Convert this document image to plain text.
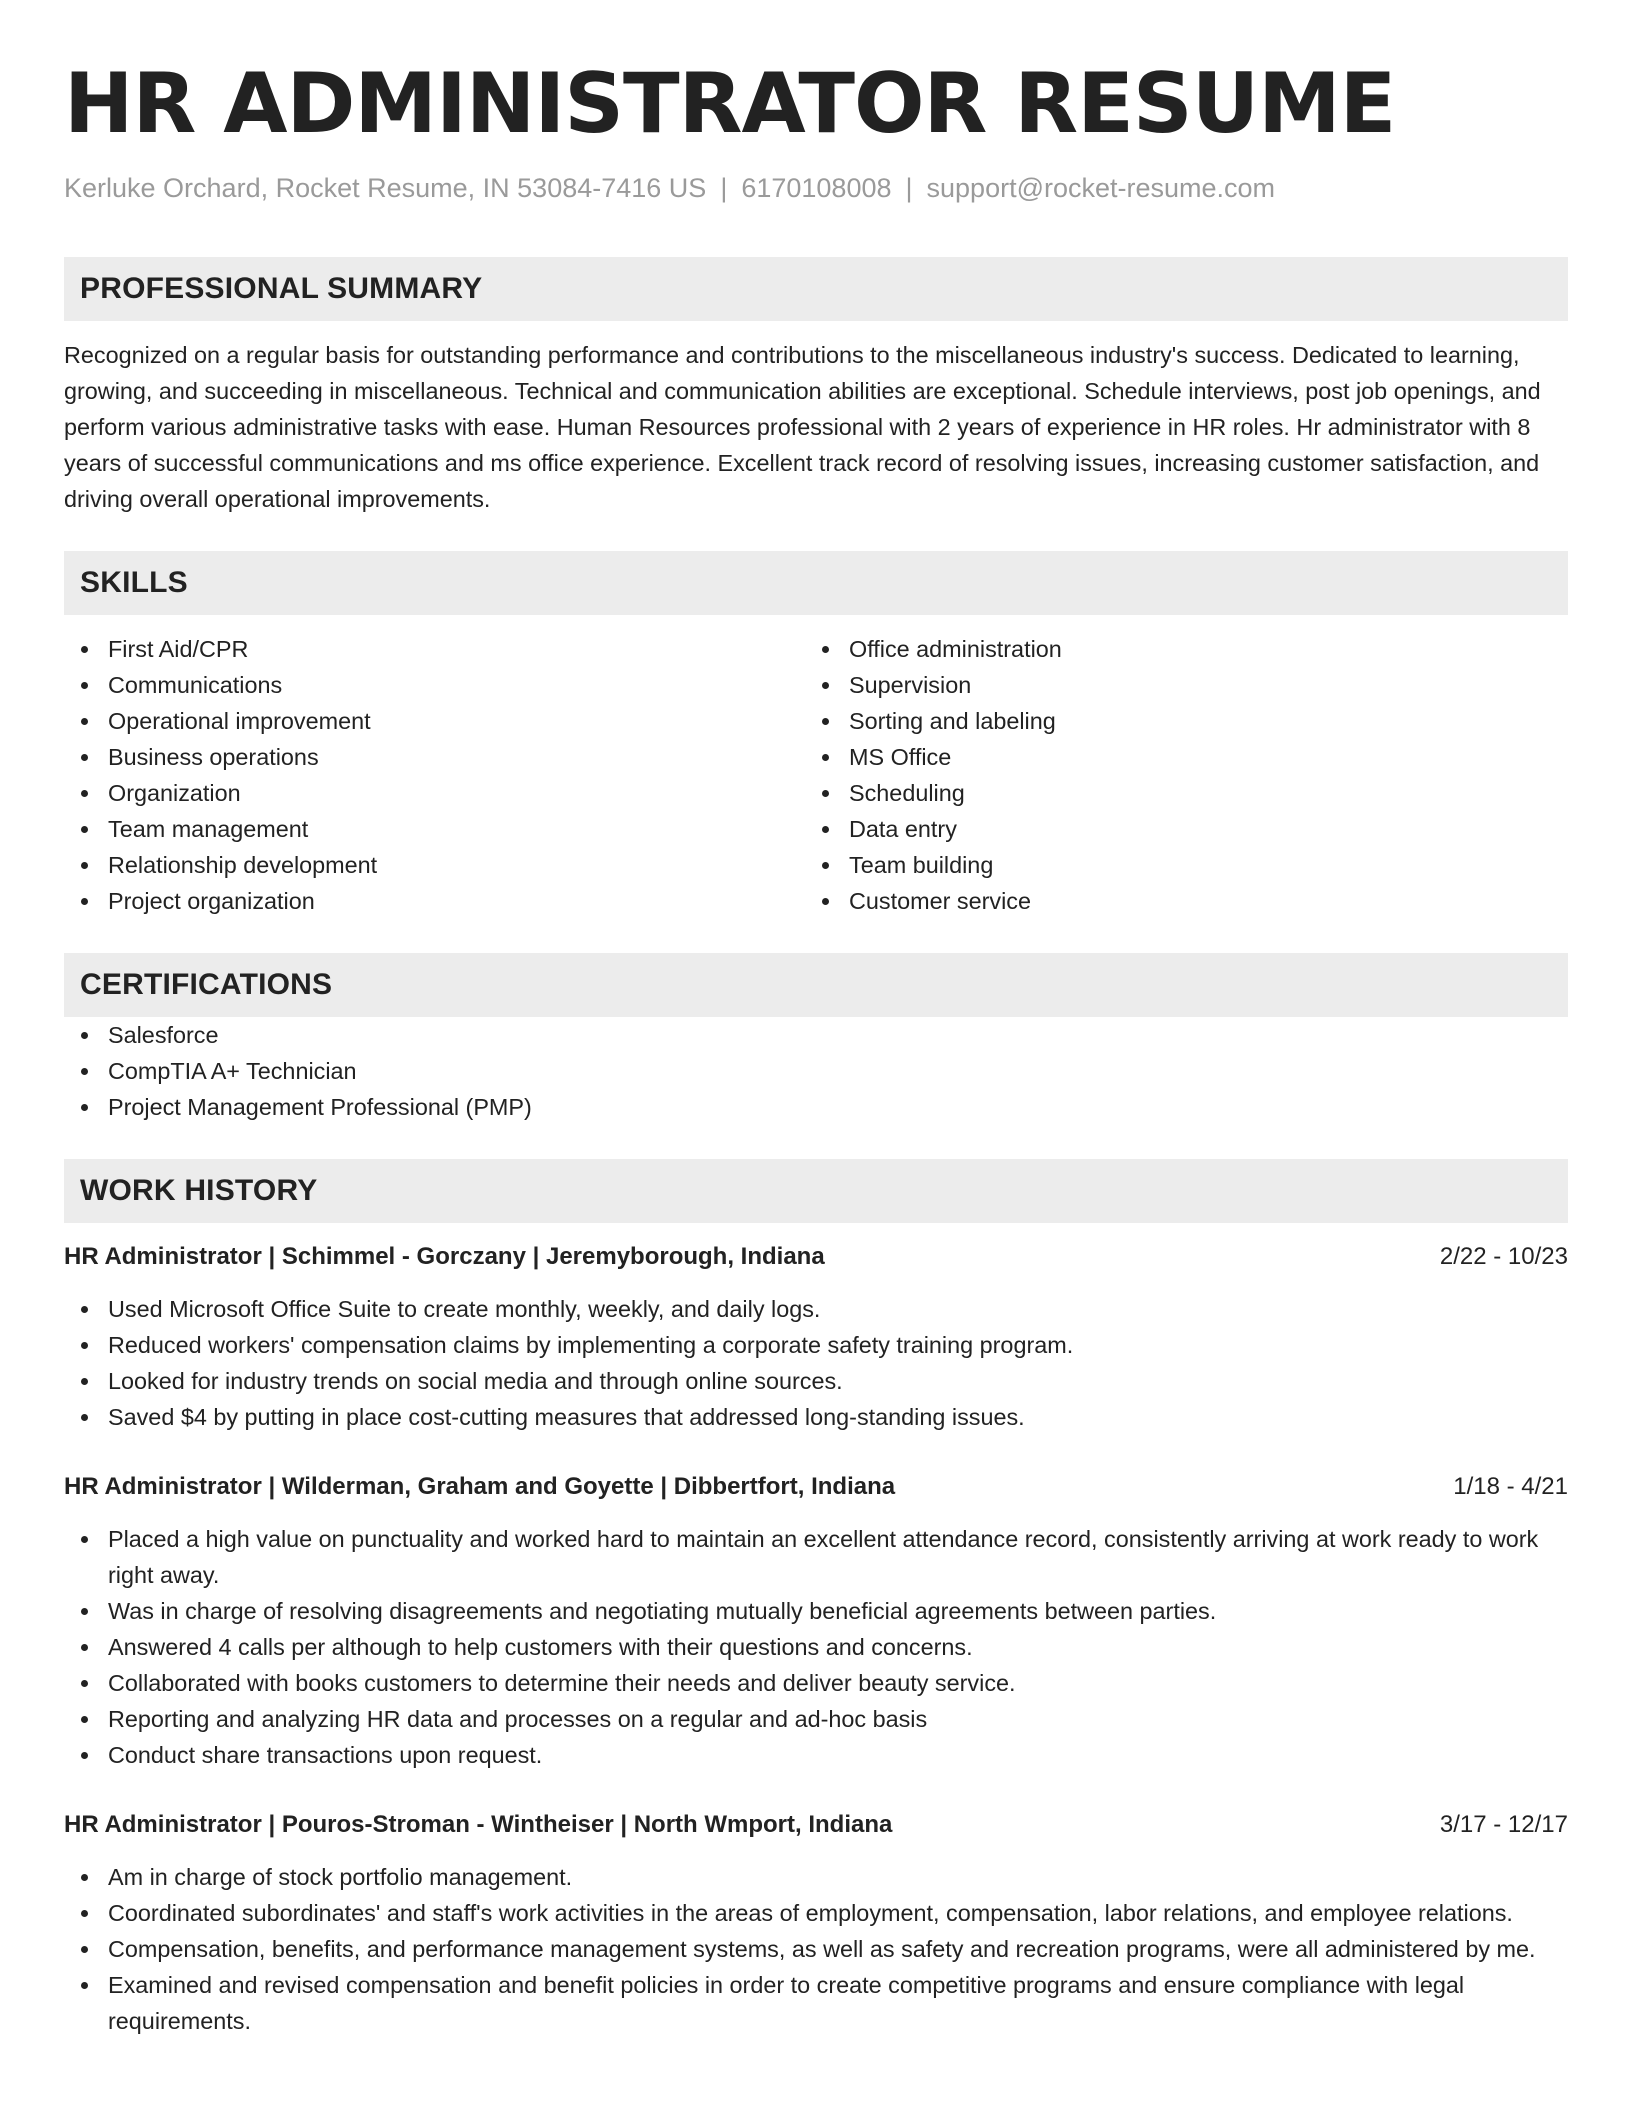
HR ADMINISTRATOR RESUME
Kerluke Orchard, Rocket Resume, IN 53084-7416 US | 6170108008 | support@rocket-resume.com
PROFESSIONAL SUMMARY

Recognized on a regular basis for outstanding performance and contributions to the miscellaneous industry's success. Dedicated to learning, growing, and succeeding in miscellaneous. Technical and communication abilities are exceptional. Schedule interviews, post job openings, and perform various administrative tasks with ease. Human Resources professional with 2 years of experience in HR roles. Hr administrator with 8 years of successful communications and ms office experience. Excellent track record of resolving issues, increasing customer satisfaction, and driving overall operational improvements.

SKILLS
First Aid/CPR
Communications
Operational improvement
Business operations
Organization
Team management
Relationship development
Project organization
Office administration
Supervision
Sorting and labeling
MS Office
Scheduling
Data entry
Team building
Customer service
CERTIFICATIONS
Salesforce
CompTIA A+ Technician
Project Management Professional (PMP)
WORK HISTORY
HR Administrator | Schimmel - Gorczany | Jeremyborough, Indiana	2/22 - 10/23
Used Microsoft Office Suite to create monthly, weekly, and daily logs.
Reduced workers' compensation claims by implementing a corporate safety training program.
Looked for industry trends on social media and through online sources.
Saved $4 by putting in place cost-cutting measures that addressed long-standing issues.
HR Administrator | Wilderman, Graham and Goyette | Dibbertfort, Indiana	1/18 - 4/21
Placed a high value on punctuality and worked hard to maintain an excellent attendance record, consistently arriving at work ready to work right away.
Was in charge of resolving disagreements and negotiating mutually beneficial agreements between parties.
Answered 4 calls per although to help customers with their questions and concerns.
Collaborated with books customers to determine their needs and deliver beauty service.
Reporting and analyzing HR data and processes on a regular and ad-hoc basis
Conduct share transactions upon request.
HR Administrator | Pouros-Stroman - Wintheiser | North Wmport, Indiana	3/17 - 12/17
Am in charge of stock portfolio management.
Coordinated subordinates' and staff's work activities in the areas of employment, compensation, labor relations, and employee relations.
Compensation, benefits, and performance management systems, as well as safety and recreation programs, were all administered by me.
Examined and revised compensation and benefit policies in order to create competitive programs and ensure compliance with legal requirements.
